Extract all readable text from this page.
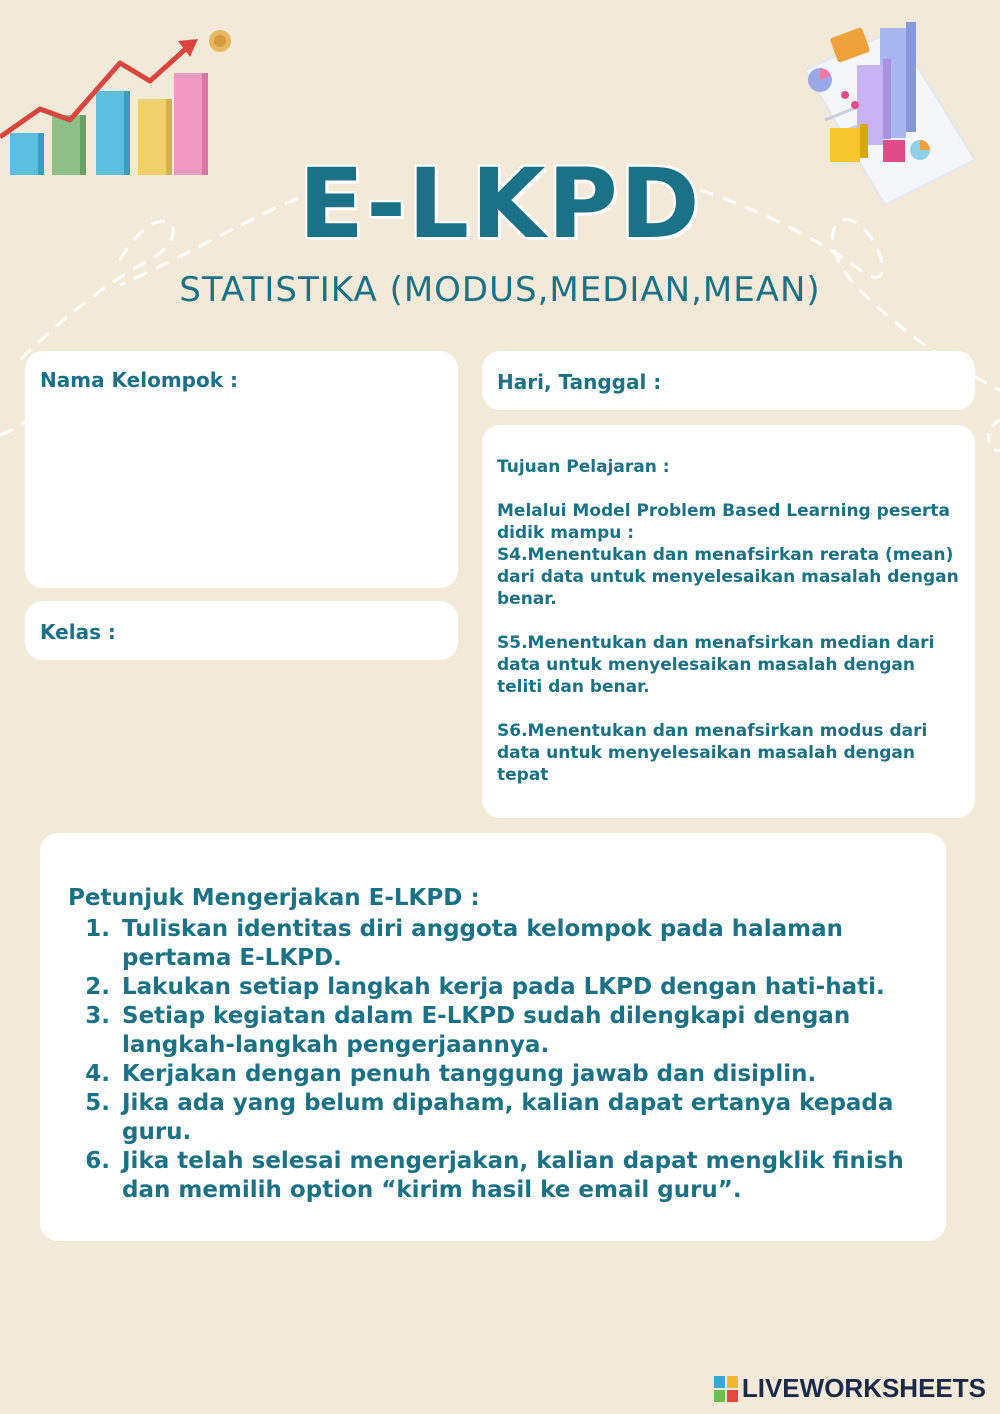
E-LKPD
STATISTIKA (MODUS,MEDIAN,MEAN)
Nama Kelompok :
Kelas :
Hari, Tanggal :

Tujuan Pelajaran :

Melalui Model Problem Based Learning peserta didik mampu :

S4.Menentukan dan menafsirkan rerata (mean) dari data untuk menyelesaikan masalah dengan benar.

S5.Menentukan dan menafsirkan median dari data untuk menyelesaikan masalah dengan teliti dan benar.

S6.Menentukan dan menafsirkan modus dari data untuk menyelesaikan masalah dengan tepat

Petunjuk Mengerjakan E-LKPD :
1. Tuliskan identitas diri anggota kelompok pada halaman pertama E-LKPD.
2. Lakukan setiap langkah kerja pada LKPD dengan hati-hati.
3. Setiap kegiatan dalam E-LKPD sudah dilengkapi dengan langkah-langkah pengerjaannya.
4. Kerjakan dengan penuh tanggung jawab dan disiplin.
5. Jika ada yang belum dipaham, kalian dapat ertanya kepada guru.
6. Jika telah selesai mengerjakan, kalian dapat mengklik finish dan memilih option “kirim hasil ke email guru”.
LIVEWORKSHEETS
